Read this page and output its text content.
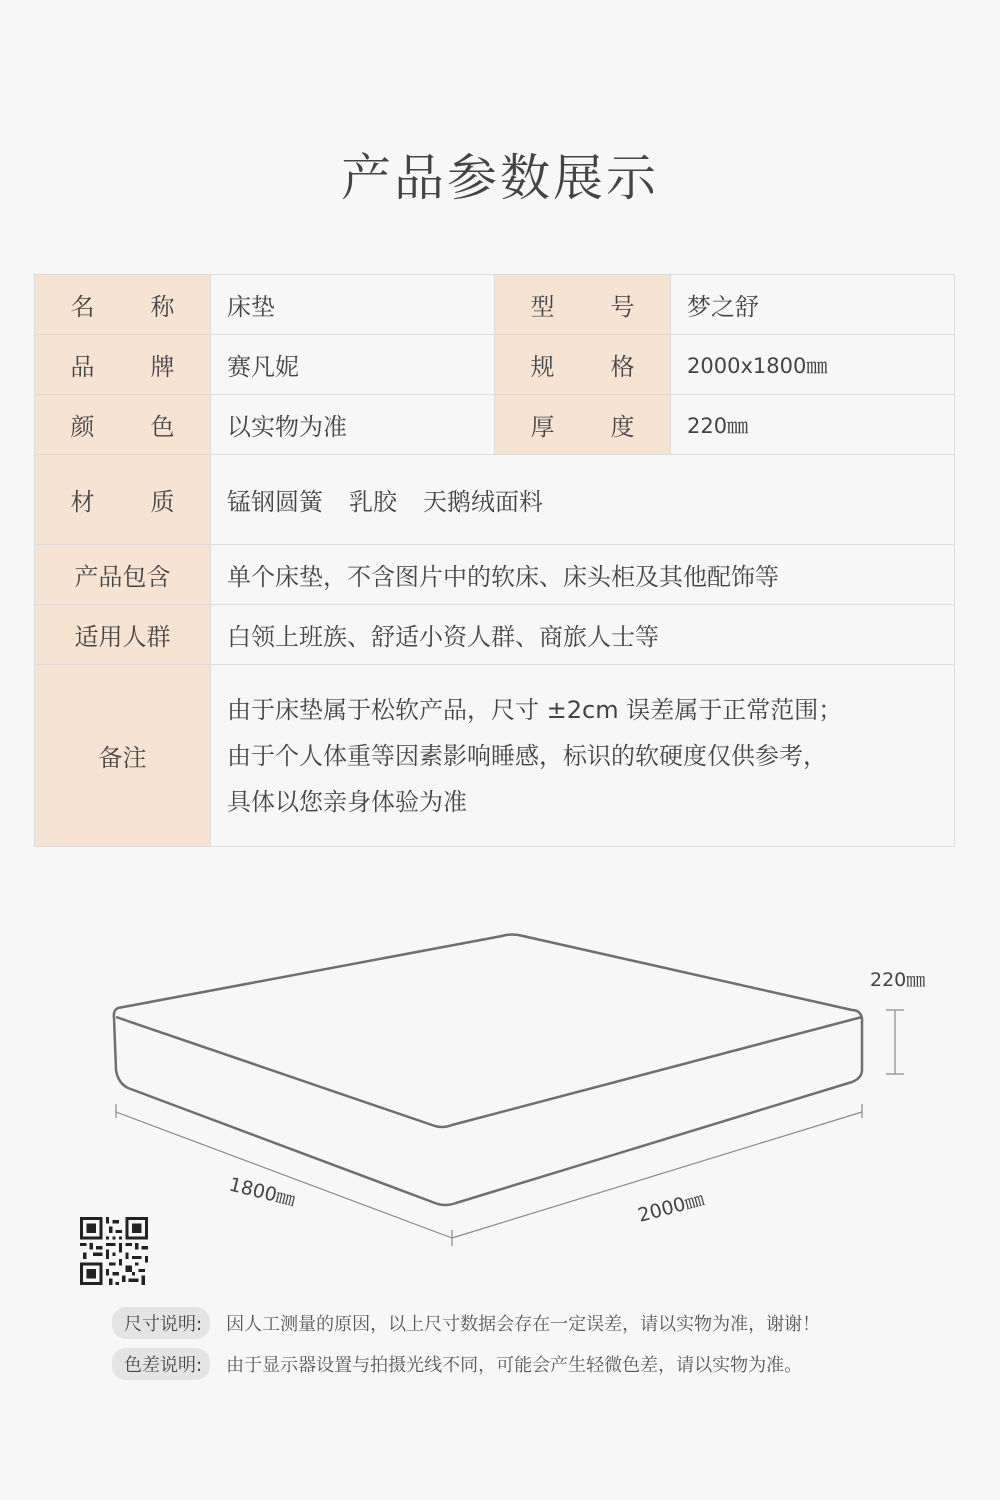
产品参数展示
名称	床垫	型号	梦之舒
品牌	赛凡妮	规格	2000x1800㎜
颜色	以实物为准	厚度	220㎜
材质	锰钢圆簧 乳胶 天鹅绒面料		
产品包含	单个床垫，不含图片中的软床、床头柜及其他配饰等		
适用人群	白领上班族、舒适小资人群、商旅人士等		
备注	由于床垫属于松软产品，尺寸 ±2cm 误差属于正常范围；
由于个人体重等因素影响睡感，标识的软硬度仅供参考，
具体以您亲身体验为准		
220㎜
1800㎜	2000㎜
尺寸说明:	因人工测量的原因，以上尺寸数据会存在一定误差，请以实物为准，谢谢！
色差说明:	由于显示器设置与拍摄光线不同，可能会产生轻微色差，请以实物为准。
